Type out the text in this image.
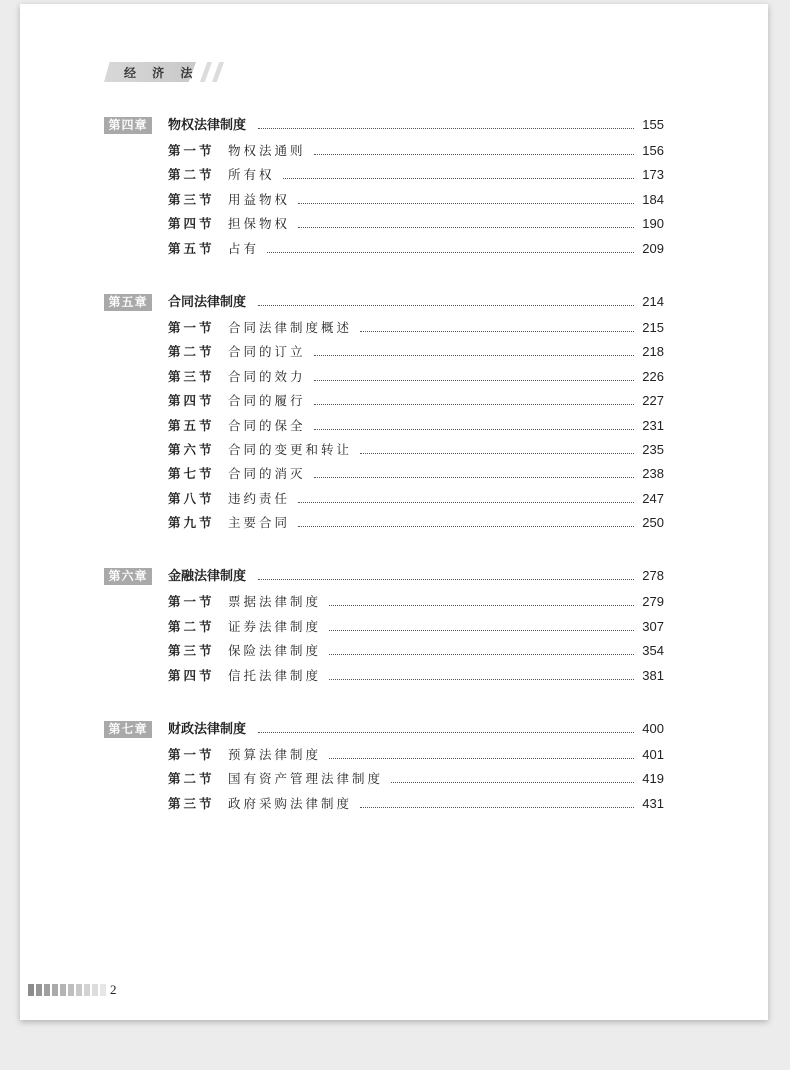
经 济 法
第四章	物权法律制度	155
第一节	物权法通则	156
第二节	所有权	173
第三节	用益物权	184
第四节	担保物权	190
第五节	占有	209
第五章	合同法律制度	214
第一节	合同法律制度概述	215
第二节	合同的订立	218
第三节	合同的效力	226
第四节	合同的履行	227
第五节	合同的保全	231
第六节	合同的变更和转让	235
第七节	合同的消灭	238
第八节	违约责任	247
第九节	主要合同	250
第六章	金融法律制度	278
第一节	票据法律制度	279
第二节	证券法律制度	307
第三节	保险法律制度	354
第四节	信托法律制度	381
第七章	财政法律制度	400
第一节	预算法律制度	401
第二节	国有资产管理法律制度	419
第三节	政府采购法律制度	431
2
